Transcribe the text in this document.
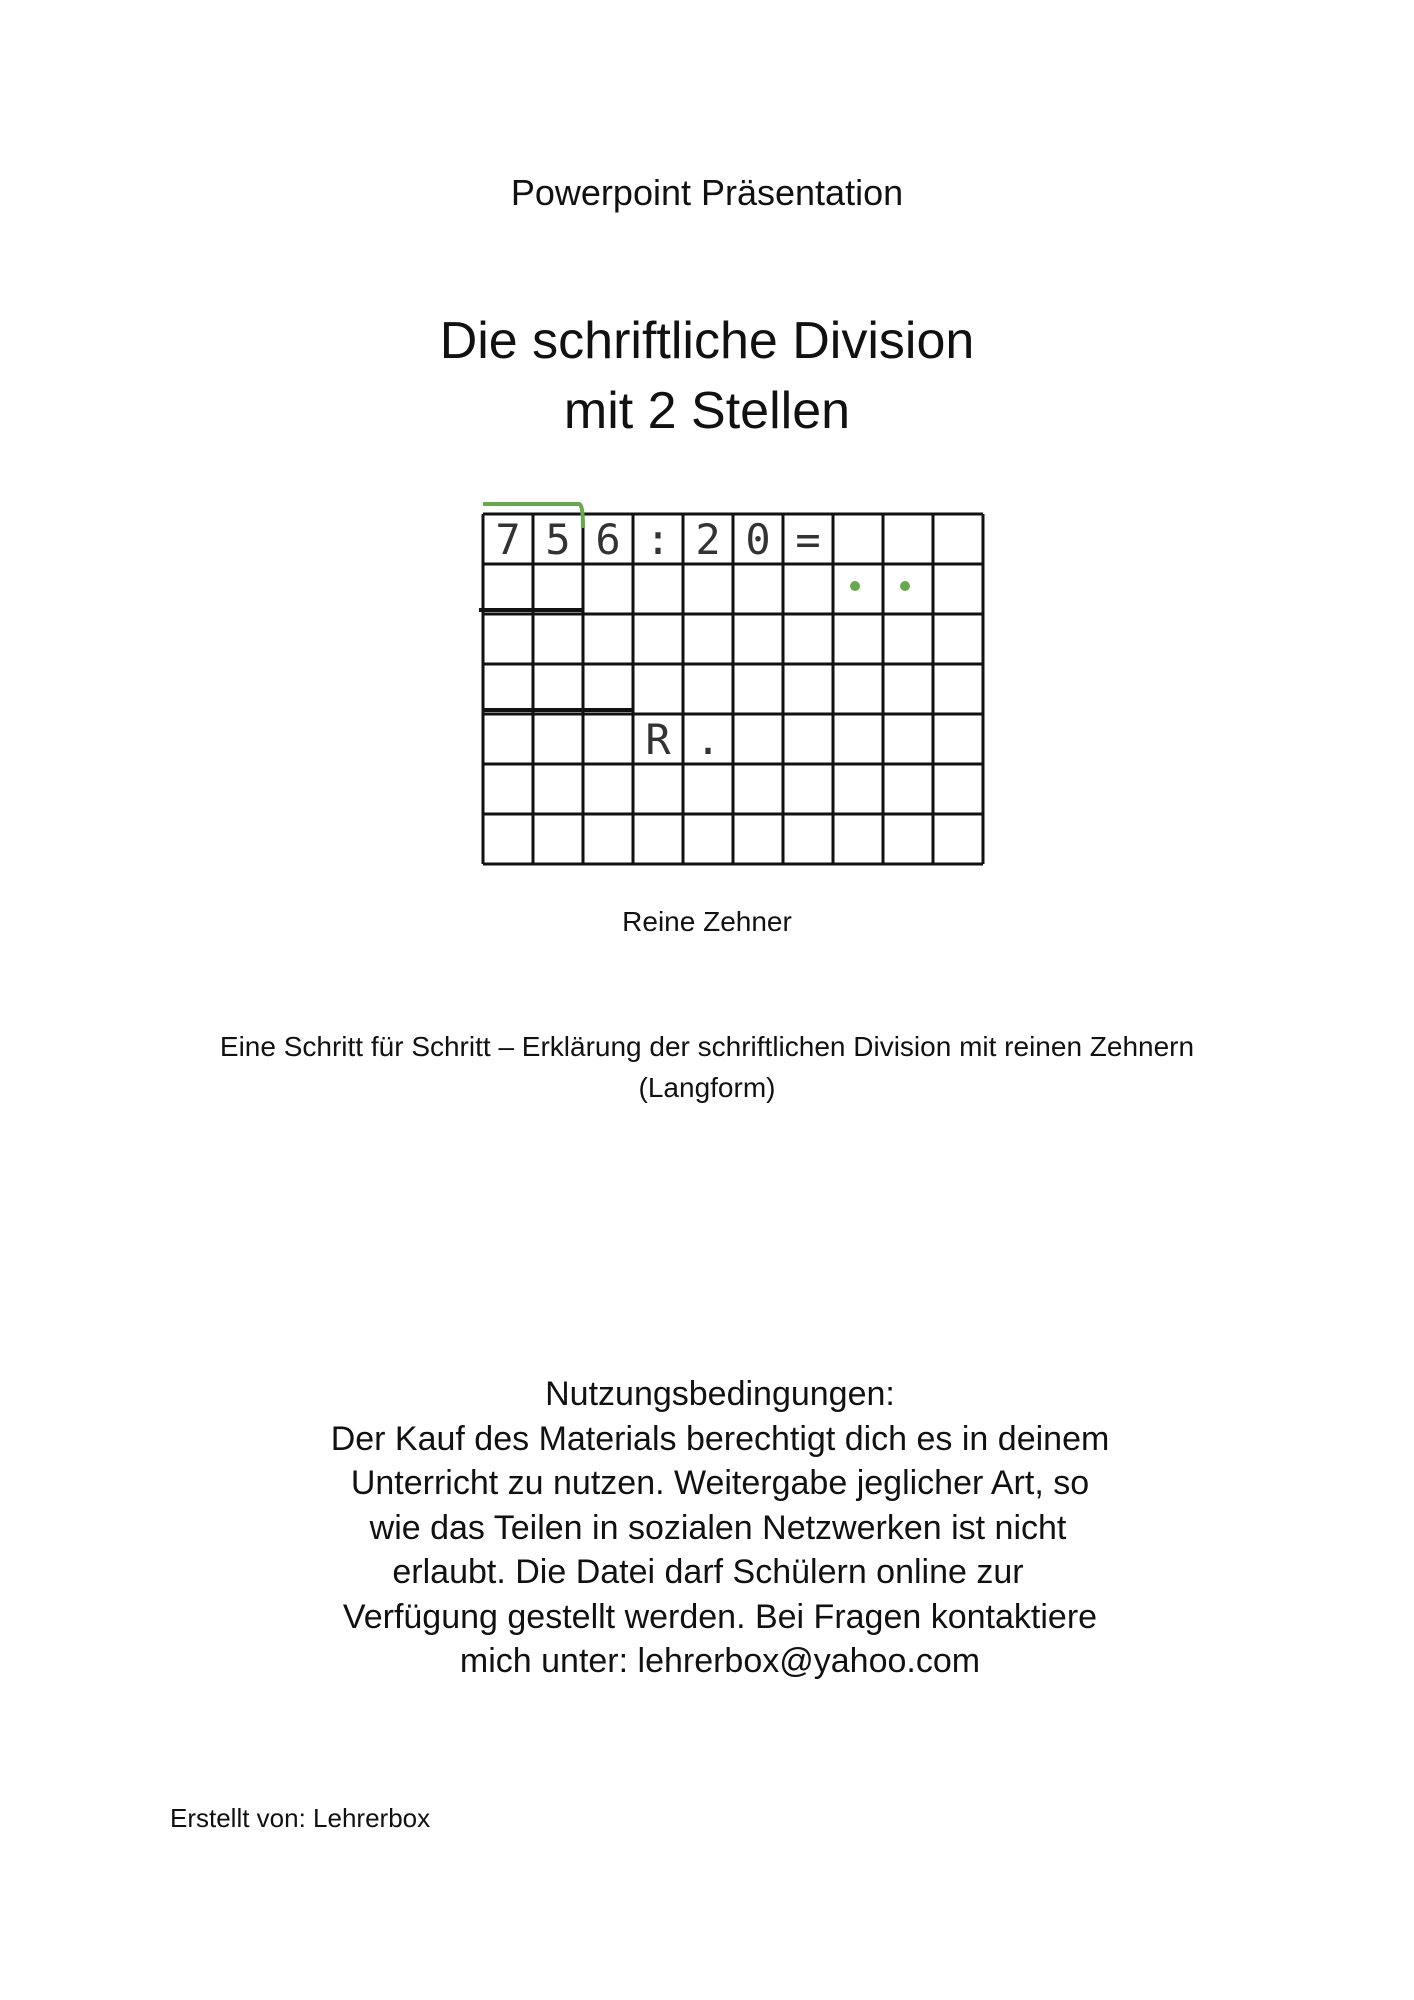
Powerpoint Präsentation
Die schriftliche Division
mit 2 Stellen
7 5 6 : 2 0 =
R .
Reine Zehner
Eine Schritt für Schritt – Erklärung der schriftlichen Division mit reinen Zehnern
(Langform)
Nutzungsbedingungen:
Der Kauf des Materials berechtigt dich es in deinem
Unterricht zu nutzen. Weitergabe jeglicher Art, so
wie das Teilen in sozialen Netzwerken ist nicht
erlaubt. Die Datei darf Schülern online zur
Verfügung gestellt werden. Bei Fragen kontaktiere
mich unter: lehrerbox@yahoo.com
Erstellt von: Lehrerbox
